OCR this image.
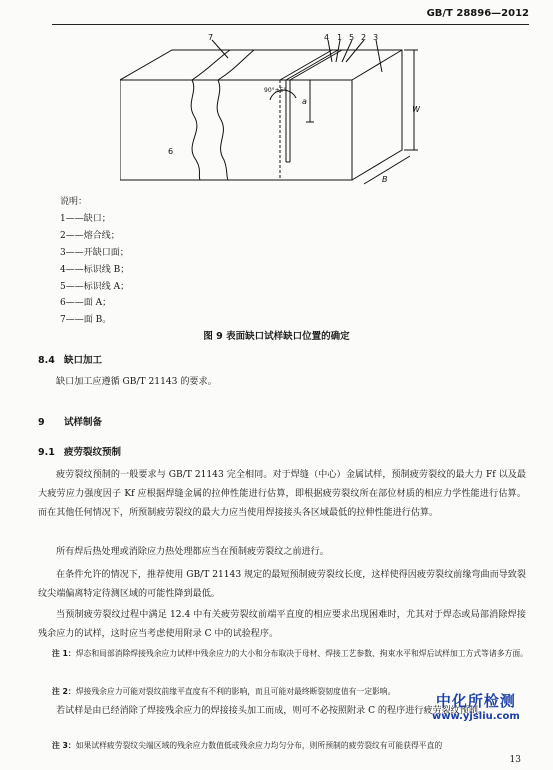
GB/T 28896—2012
7	4 1 5 2 3
6
90°±5°
a
W
B
说明：
1——缺口；
2——熔合线；
3——开缺口面；
4——标识线 B；
5——标识线 A；
6——面 A；
7——面 B。
图 9 表面缺口试样缺口位置的确定
8.4 缺口加工
缺口加工应遵循 GB/T 21143 的要求。
9 试样制备
9.1 疲劳裂纹预制
疲劳裂纹预制的一般要求与 GB/T 21143 完全相同。对于焊缝（中心）金属试样，预制疲劳裂纹的最大力 Ff 以及最大疲劳应力强度因子 Kf 应根据焊缝金属的拉伸性能进行估算，即根据疲劳裂纹所在部位材质的相应力学性能进行估算。而在其他任何情况下，所预制疲劳裂纹的最大力应当使用焊接接头各区域最低的拉伸性能进行估算。
所有焊后热处理或消除应力热处理都应当在预制疲劳裂纹之前进行。
在条件允许的情况下，推荐使用 GB/T 21143 规定的最短预制疲劳裂纹长度，这样使得因疲劳裂纹前缘弯曲而导致裂纹尖端偏离特定待测区域的可能性降到最低。
当预制疲劳裂纹过程中满足 12.4 中有关疲劳裂纹前端平直度的相应要求出现困难时，尤其对于焊态或局部消除焊接残余应力的试样，这时应当考虑使用附录 C 中的试验程序。
注 1：焊态和局部消除焊接残余应力试样中残余应力的大小和分布取决于母材、焊接工艺参数、拘束水平和焊后试样加工方式等诸多方面。
注 2：焊接残余应力可能对裂纹前缘平直度有不利的影响，而且可能对最终断裂韧度值有一定影响。
若试样是由已经消除了焊接残余应力的焊接接头加工而成，则可不必按照附录 C 的程序进行疲劳裂纹预制。
注 3：如果试样疲劳裂纹尖端区域的残余应力数值低或残余应力均匀分布，则所预制的疲劳裂纹有可能获得平直的
中化所检测
www.yjsliu.com
13
